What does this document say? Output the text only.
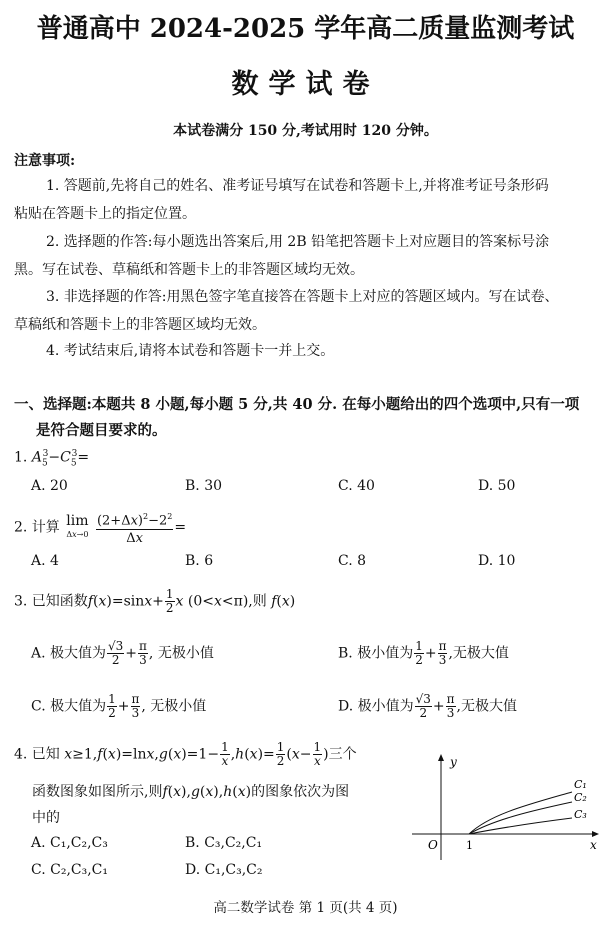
普通高中 2024-2025 学年高二质量监测考试
数学试卷
本试卷满分 150 分,考试用时 120 分钟。
注意事项:
1. 答题前,先将自己的姓名、准考证号填写在试卷和答题卡上,并将准考证号条形码
粘贴在答题卡上的指定位置。
2. 选择题的作答:每小题选出答案后,用 2B 铅笔把答题卡上对应题目的答案标号涂
黑。写在试卷、草稿纸和答题卡上的非答题区域均无效。
3. 非选择题的作答:用黑色签字笔直接答在答题卡上对应的答题区域内。写在试卷、
草稿纸和答题卡上的非答题区域均无效。
4. 考试结束后,请将本试卷和答题卡一并上交。
一、选择题:本题共 8 小题,每小题 5 分,共 40 分. 在每小题给出的四个选项中,只有一项
是符合题目要求的。
1. $A_5^3-C_5^3=$
A. 20	B. 30	C. 40	D. 50
2. 计算 lim
$\Delta x\to 0 \frac{(2+\Delta x)^2-2^2}{\Delta x}$ =
A. 4	B. 6	C. 8	D. 10
3. 已知函数$f(x)=\sin x+ \frac{1}{2}$ x (0<x<π),则 f(x)
A. 极大值为 $\frac{√3}{2} + \frac{\pi}{3}$ , 无极小值	B. 极小值为 $\frac{1}{2} + \frac{\pi}{3}$ ,无极大值
C. 极大值为 $\frac{1}{2} + \frac{\pi}{3}$ , 无极小值	D. 极小值为 $\frac{√3}{2} + \frac{\pi}{3}$ ,无极大值
4. 已知 $x\ge 1,f(x)=\ln x,g(x)=1- \frac{1}{x} ,h(x)= \frac{1}{2} (x- \frac{1}{x}$ )三个
函数图象如图所示,则f(x),g(x),h(x)的图象依次为图
中的
A. C₁,C₂,C₃	B. C₃,C₂,C₁
C. C₂,C₃,C₁	D. C₁,C₃,C₂
y
x
O	1
C₁
C₂
C₃
高二数学试卷 第 1 页(共 4 页)
